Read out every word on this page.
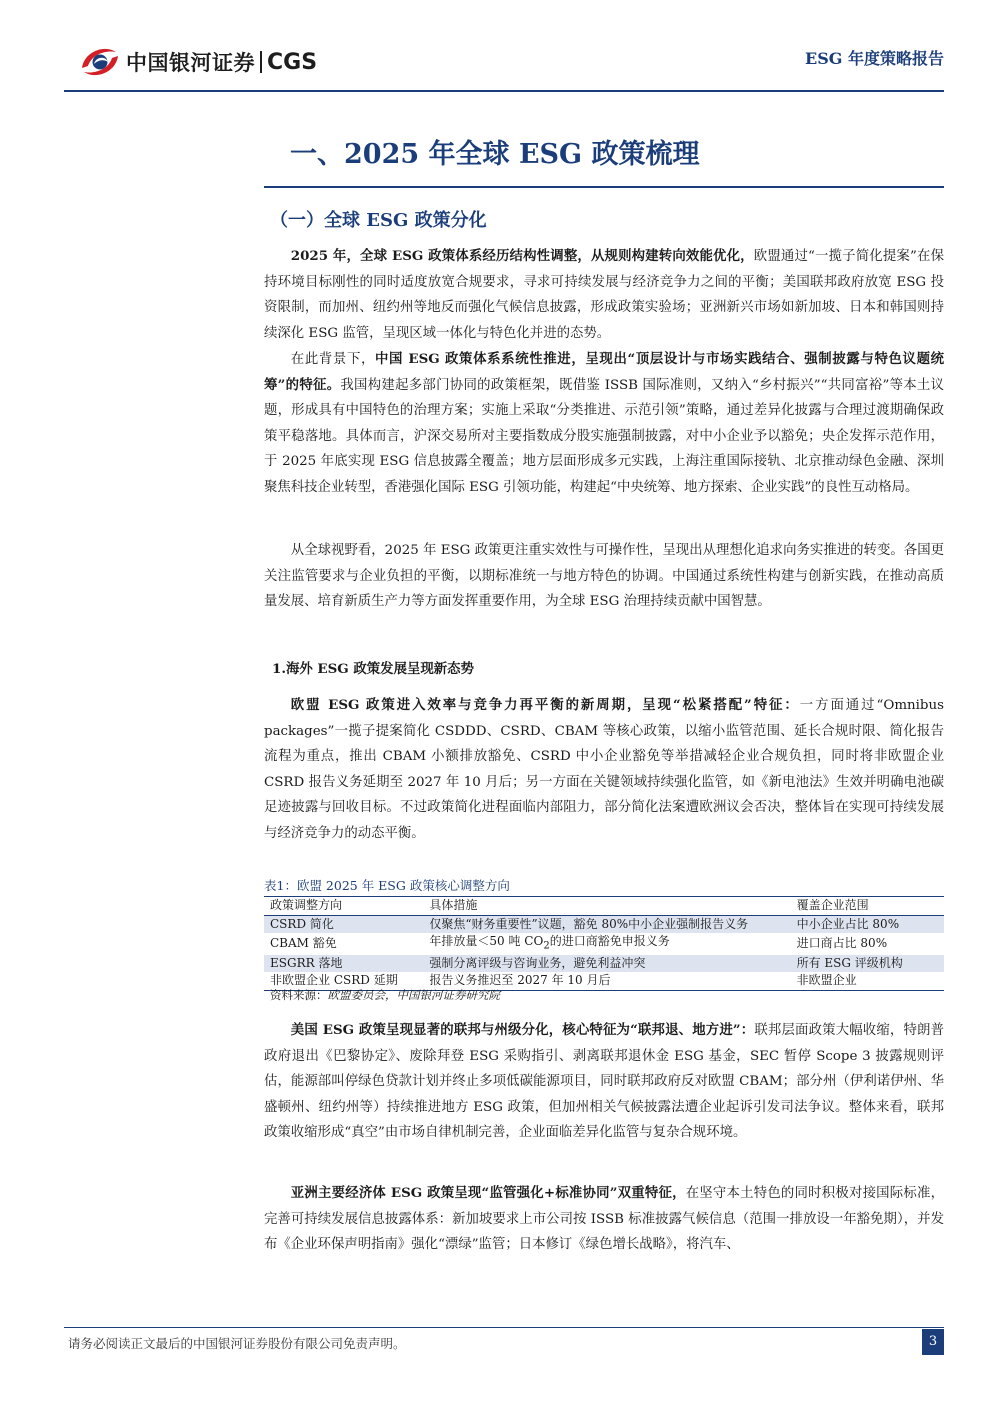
中国银河证券 CGS	ESG 年度策略报告
一、2025 年全球 ESG 政策梳理
（一）全球 ESG 政策分化

2025 年，全球 ESG 政策体系经历结构性调整，从规则构建转向效能优化，欧盟通过“一揽子简化提案”在保持环境目标刚性的同时适度放宽合规要求，寻求可持续发展与经济竞争力之间的平衡；美国联邦政府放宽 ESG 投资限制，而加州、纽约州等地反而强化气候信息披露，形成政策实验场；亚洲新兴市场如新加坡、日本和韩国则持续深化 ESG 监管，呈现区域一体化与特色化并进的态势。

在此背景下，中国 ESG 政策体系系统性推进，呈现出“顶层设计与市场实践结合、强制披露与特色议题统筹”的特征。我国构建起多部门协同的政策框架，既借鉴 ISSB 国际准则，又纳入“乡村振兴”“共同富裕”等本土议题，形成具有中国特色的治理方案；实施上采取“分类推进、示范引领”策略，通过差异化披露与合理过渡期确保政策平稳落地。具体而言，沪深交易所对主要指数成分股实施强制披露，对中小企业予以豁免；央企发挥示范作用，于 2025 年底实现 ESG 信息披露全覆盖；地方层面形成多元实践，上海注重国际接轨、北京推动绿色金融、深圳聚焦科技企业转型，香港强化国际 ESG 引领功能，构建起“中央统筹、地方探索、企业实践”的良性互动格局。

从全球视野看，2025 年 ESG 政策更注重实效性与可操作性，呈现出从理想化追求向务实推进的转变。各国更关注监管要求与企业负担的平衡，以期标准统一与地方特色的协调。中国通过系统性构建与创新实践，在推动高质量发展、培育新质生产力等方面发挥重要作用，为全球 ESG 治理持续贡献中国智慧。

1.海外 ESG 政策发展呈现新态势

欧盟 ESG 政策进入效率与竞争力再平衡的新周期，呈现“松紧搭配”特征：一方面通过“Omnibus packages”一揽子提案简化 CSDDD、CSRD、CBAM 等核心政策，以缩小监管范围、延长合规时限、简化报告流程为重点，推出 CBAM 小额排放豁免、CSRD 中小企业豁免等举措减轻企业合规负担，同时将非欧盟企业 CSRD 报告义务延期至 2027 年 10 月后；另一方面在关键领域持续强化监管，如《新电池法》生效并明确电池碳足迹披露与回收目标。不过政策简化进程面临内部阻力，部分简化法案遭欧洲议会否决，整体旨在实现可持续发展与经济竞争力的动态平衡。

表1：欧盟 2025 年 ESG 政策核心调整方向
政策调整方向	具体措施	覆盖企业范围
CSRD 简化	仅聚焦“财务重要性”议题，豁免 80%中小企业强制报告义务	中小企业占比 80%
CBAM 豁免	年排放量＜50 吨 $CO_2$的进口商豁免申报义务	进口商占比 80%
ESGRR 落地	强制分离评级与咨询业务，避免利益冲突	所有 ESG 评级机构
非欧盟企业 CSRD 延期	报告义务推迟至 2027 年 10 月后	非欧盟企业
资料来源：欧盟委员会，中国银河证券研究院

美国 ESG 政策呈现显著的联邦与州级分化，核心特征为“联邦退、地方进”：联邦层面政策大幅收缩，特朗普政府退出《巴黎协定》、废除拜登 ESG 采购指引、剥离联邦退休金 ESG 基金，SEC 暂停 Scope 3 披露规则评估，能源部叫停绿色贷款计划并终止多项低碳能源项目，同时联邦政府反对欧盟 CBAM；部分州（伊利诺伊州、华盛顿州、纽约州等）持续推进地方 ESG 政策，但加州相关气候披露法遭企业起诉引发司法争议。整体来看，联邦政策收缩形成“真空”由市场自律机制完善，企业面临差异化监管与复杂合规环境。

亚洲主要经济体 ESG 政策呈现“监管强化+标准协同”双重特征，在坚守本土特色的同时积极对接国际标准，完善可持续发展信息披露体系：新加坡要求上市公司按 ISSB 标准披露气候信息（范围一排放设一年豁免期），并发布《企业环保声明指南》强化“漂绿”监管；日本修订《绿色增长战略》，将汽车、

请务必阅读正文最后的中国银河证券股份有限公司免责声明。	3
